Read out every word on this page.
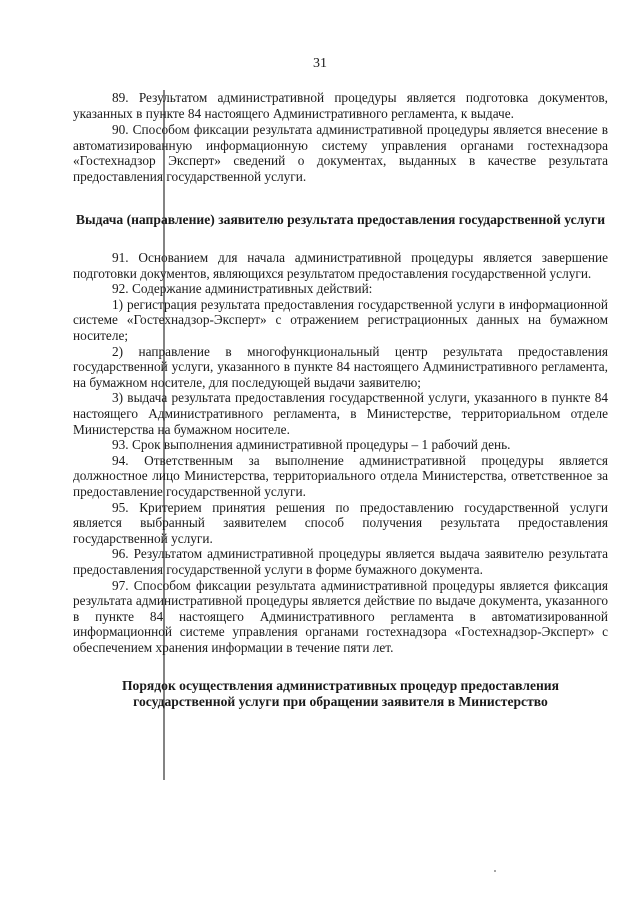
31

89. Результатом административной процедуры является подготовка документов, указанных в пункте 84 настоящего Административного регламента, к выдаче.

90. Способом фиксации результата административной процедуры является внесение в автоматизированную информационную систему управления органами гостехнадзора «Гостехнадзор Эксперт» сведений о документах, выданных в качестве результата предоставления государственной услуги.

Выдача (направление) заявителю результата предоставления государственной услуги

91. Основанием для начала административной процедуры является завершение подготовки документов, являющихся результатом предоставления государственной услуги.

92. Содержание административных действий:

1) регистрация результата предоставления государственной услуги в информационной системе «Гостехнадзор-Эксперт» с отражением регистрационных данных на бумажном носителе;

2) направление в многофункциональный центр результата предоставления государственной услуги, указанного в пункте 84 настоящего Административного регламента, на бумажном носителе, для последующей выдачи заявителю;

3) выдача результата предоставления государственной услуги, указанного в пункте 84 настоящего Административного регламента, в Министерстве, территориальном отделе Министерства на бумажном носителе.

93. Срок выполнения административной процедуры – 1 рабочий день.

94. Ответственным за выполнение административной процедуры является должностное лицо Министерства, территориального отдела Министерства, ответственное за предоставление государственной услуги.

95. Критерием принятия решения по предоставлению государственной услуги является выбранный заявителем способ получения результата предоставления государственной услуги.

96. Результатом административной процедуры является выдача заявителю результата предоставления государственной услуги в форме бумажного документа.

97. Способом фиксации результата административной процедуры является фиксация результата административной процедуры является действие по выдаче документа, указанного в пункте 84 настоящего Административного регламента в автоматизированной информационной системе управления органами гостехнадзора «Гостехнадзор-Эксперт» с обеспечением хранения информации в течение пяти лет.

Порядок осуществления административных процедур предоставления государственной услуги при обращении заявителя в Министерство
